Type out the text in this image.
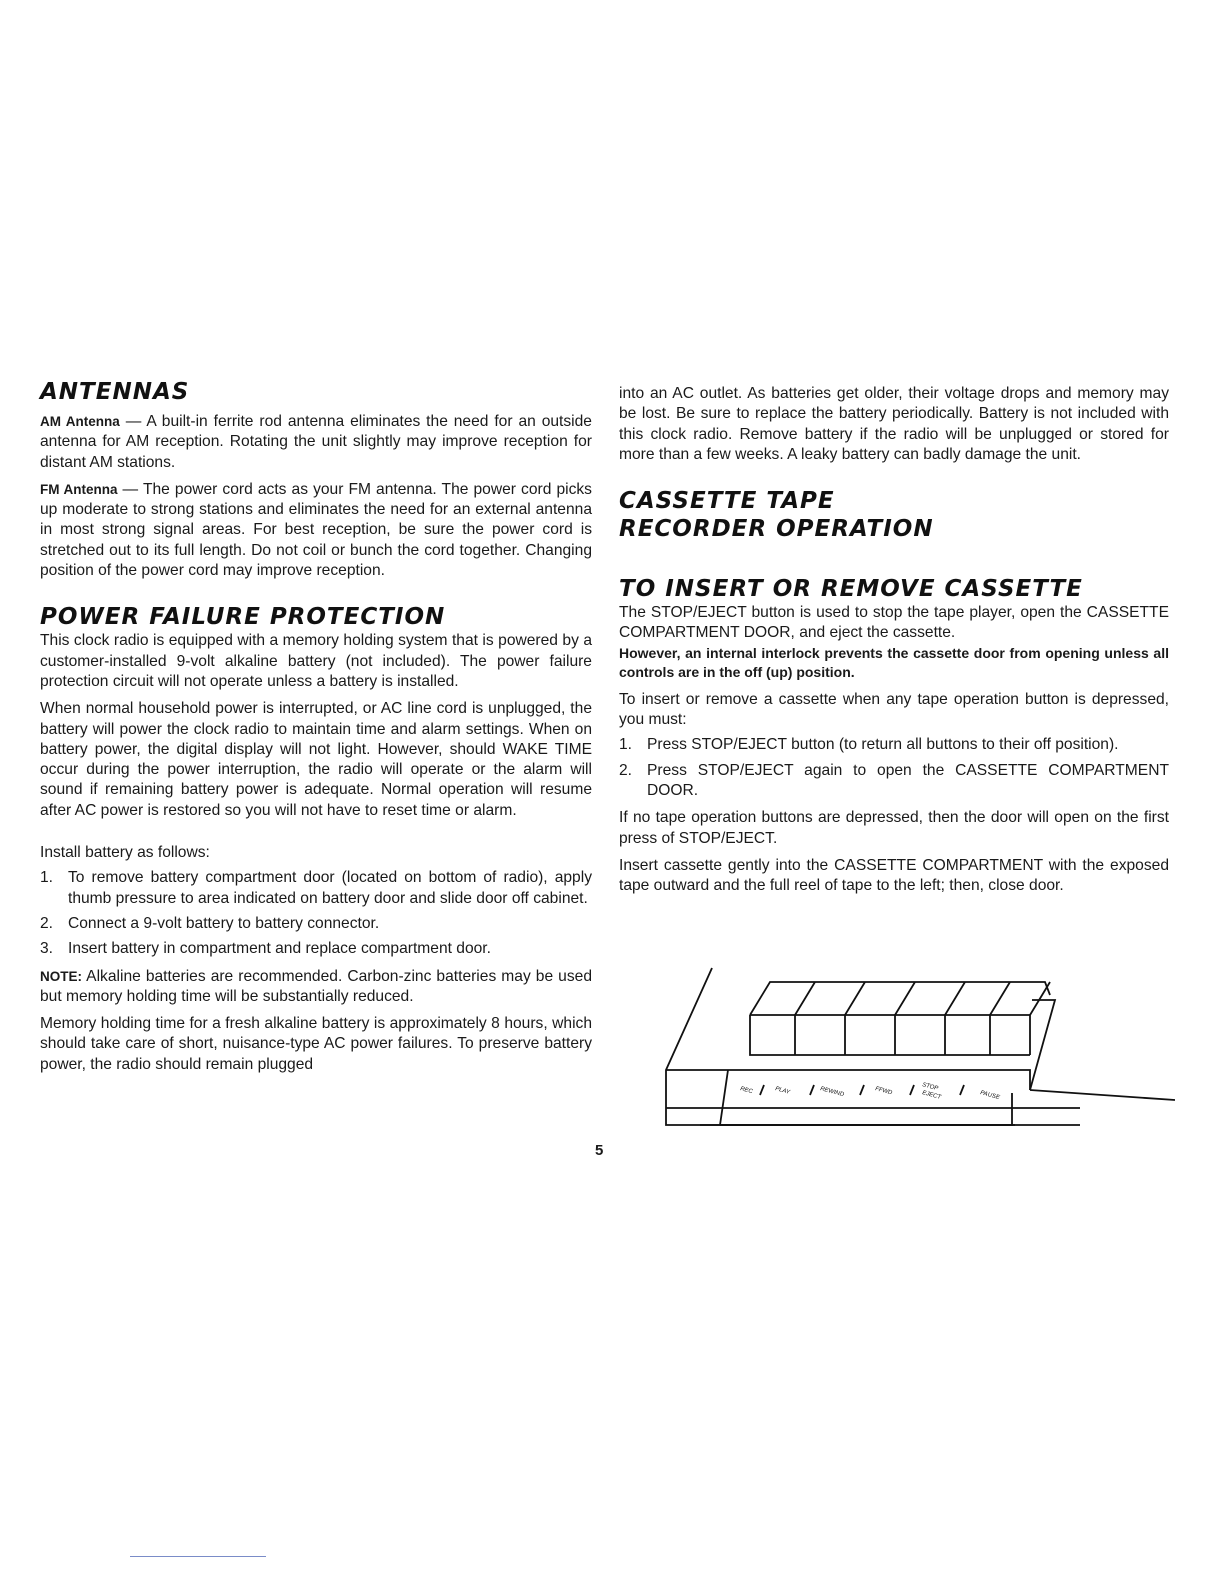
ANTENNAS

AM Antenna — A built-in ferrite rod antenna eliminates the need for an outside antenna for AM reception. Rotating the unit slightly may improve reception for distant AM stations.

FM Antenna — The power cord acts as your FM antenna. The power cord picks up moderate to strong stations and eliminates the need for an external antenna in most strong signal areas. For best reception, be sure the power cord is stretched out to its full length. Do not coil or bunch the cord together. Changing position of the power cord may improve reception.

POWER FAILURE PROTECTION

This clock radio is equipped with a memory holding system that is powered by a customer-installed 9-volt alkaline battery (not included). The power failure protection circuit will not operate unless a battery is installed.

When normal household power is interrupted, or AC line cord is unplugged, the battery will power the clock radio to maintain time and alarm settings. When on battery power, the digital display will not light. However, should WAKE TIME occur during the power interruption, the radio will operate or the alarm will sound if remaining battery power is adequate. Normal operation will resume after AC power is restored so you will not have to reset time or alarm.

Install battery as follows:

1. To remove battery compartment door (located on bottom of radio), apply thumb pressure to area indicated on battery door and slide door off cabinet.
2. Connect a 9-volt battery to battery connector.
3. Insert battery in compartment and replace compartment door.

NOTE: Alkaline batteries are recommended. Carbon-zinc batteries may be used but memory holding time will be substantially reduced.

Memory holding time for a fresh alkaline battery is approximately 8 hours, which should take care of short, nuisance-type AC power failures. To preserve battery power, the radio should remain plugged

5

into an AC outlet. As batteries get older, their voltage drops and memory may be lost. Be sure to replace the battery periodically. Battery is not included with this clock radio. Remove battery if the radio will be unplugged or stored for more than a few weeks. A leaky battery can badly damage the unit.

CASSETTE TAPE
RECORDER OPERATION
TO INSERT OR REMOVE CASSETTE

The STOP/EJECT button is used to stop the tape player, open the CASSETTE COMPARTMENT DOOR, and eject the cassette.

However, an internal interlock prevents the cassette door from opening unless all controls are in the off (up) position.

To insert or remove a cassette when any tape operation button is depressed, you must:

1. Press STOP/EJECT button (to return all buttons to their off position).
2. Press STOP/EJECT again to open the CASSETTE COMPARTMENT DOOR.

If no tape operation buttons are depressed, then the door will open on the first press of STOP/EJECT.

Insert cassette gently into the CASSETTE COMPARTMENT with the exposed tape outward and the full reel of tape to the left; then, close door.

REC	PLAY	REWIND	FFWD	STOP
EJECT	PAUSE
